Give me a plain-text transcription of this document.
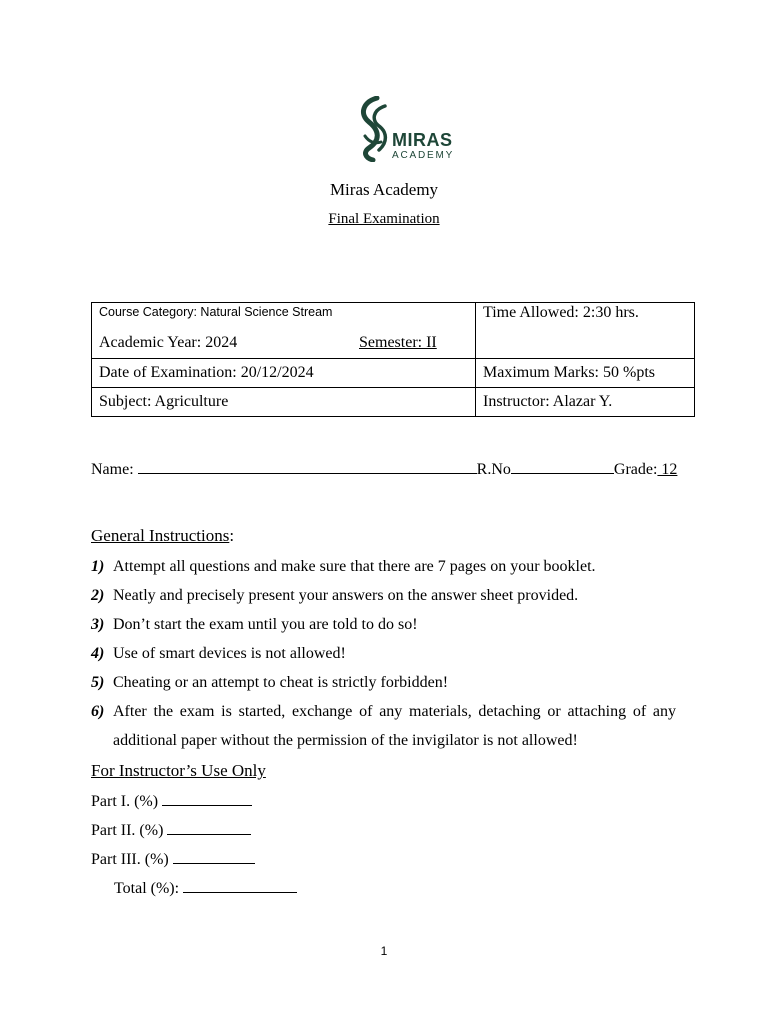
MIRAS
ACADEMY
Miras Academy
Final Examination
Course Category: Natural Science Stream
Academic Year: 2024 Semester: II	Time Allowed: 2:30 hrs.

Date of Examination: 20/12/2024	Maximum Marks: 50 %pts
Subject: Agriculture	Instructor: Alazar Y.
Name:	R.No	Grade: 12
General Instructions:
1) Attempt all questions and make sure that there are 7 pages on your booklet.
2) Neatly and precisely present your answers on the answer sheet provided.
3) Don’t start the exam until you are told to do so!
4) Use of smart devices is not allowed!
5) Cheating or an attempt to cheat is strictly forbidden!
6) After the exam is started, exchange of any materials, detaching or attaching of any additional paper without the permission of the invigilator is not allowed!
For Instructor’s Use Only
Part I. (%)
Part II. (%)
Part III. (%)
Total (%):
1
